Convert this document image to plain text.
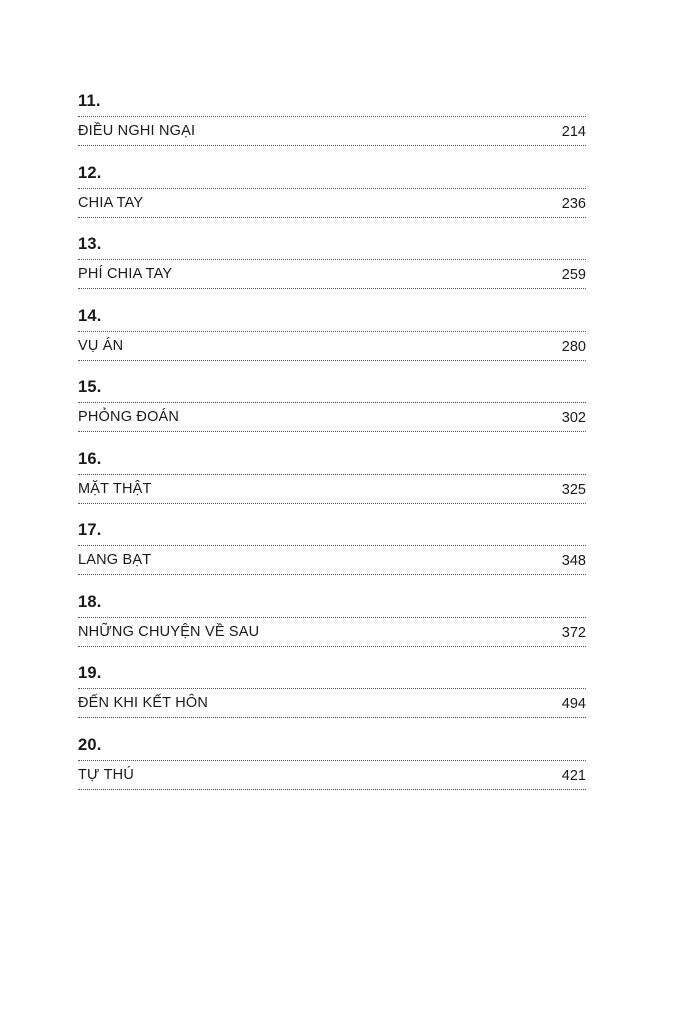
11.
ĐIỀU NGHI NGẠI	214
12.
CHIA TAY	236
13.
PHÍ CHIA TAY	259
14.
VỤ ÁN	280
15.
PHỎNG ĐOÁN	302
16.
MẶT THẬT	325
17.
LANG BẠT	348
18.
NHỮNG CHUYỆN VỀ SAU	372
19.
ĐẾN KHI KẾT HÔN	494
20.
TỰ THÚ	421
